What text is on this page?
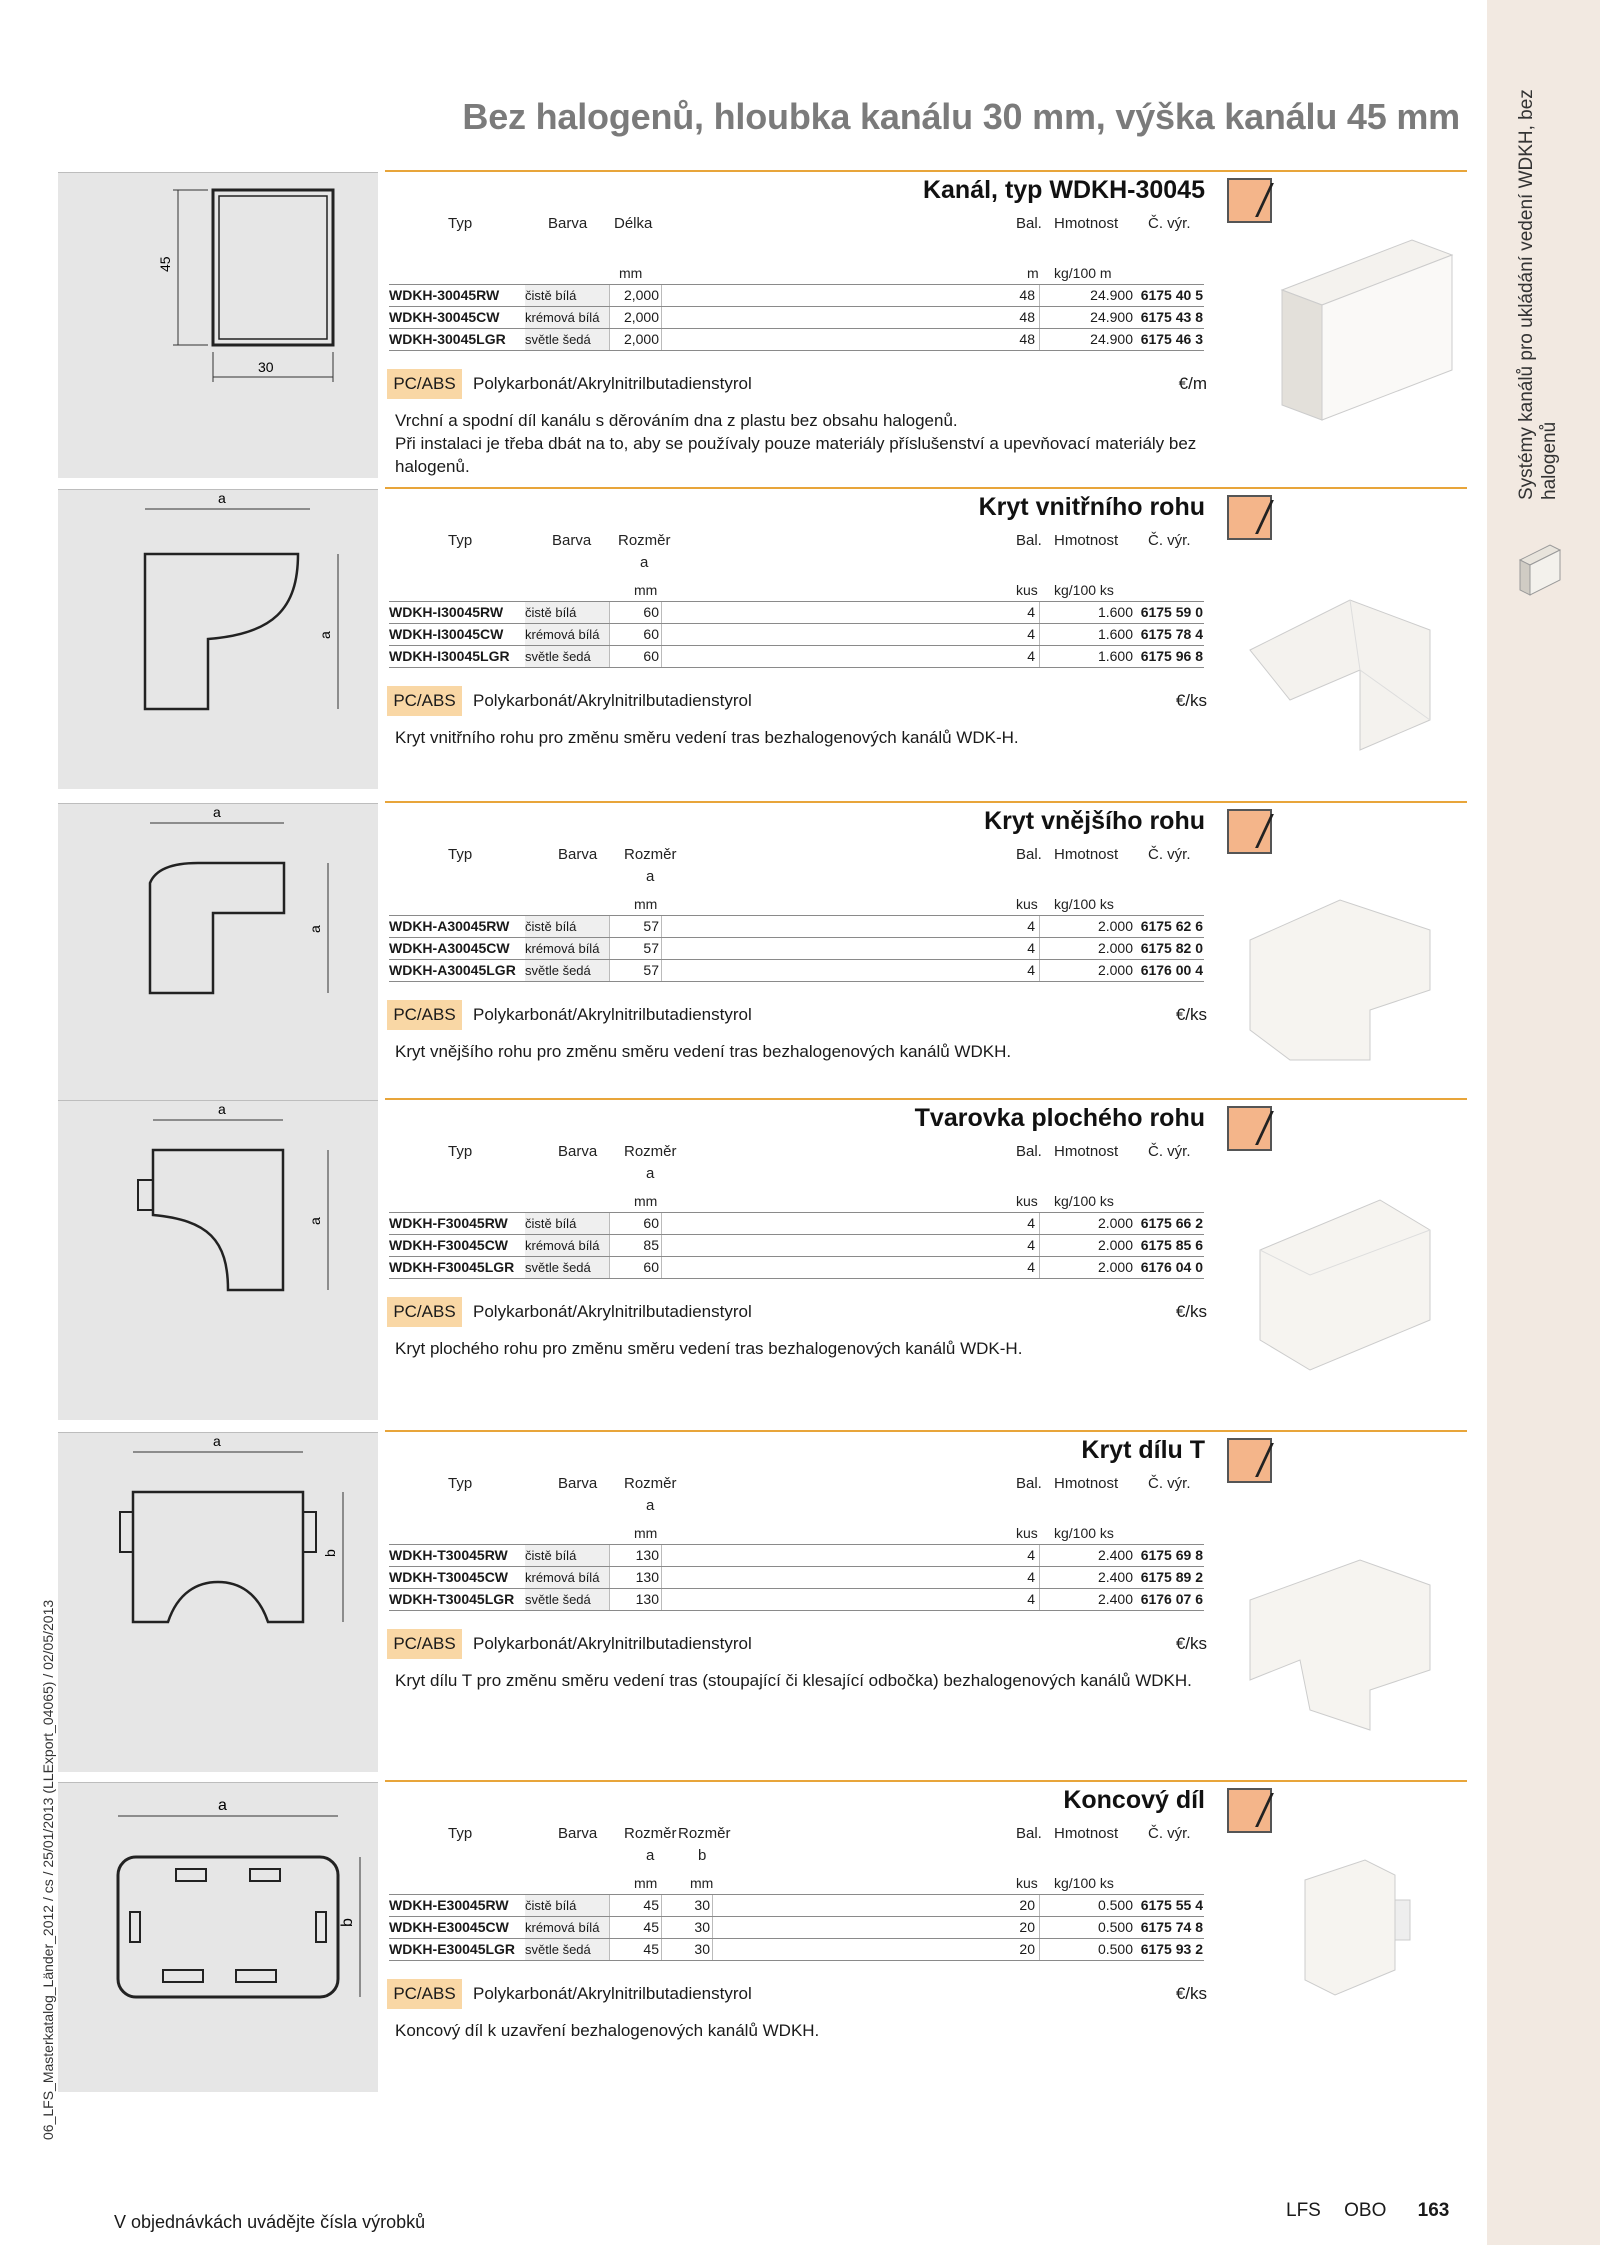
Systémy kanálů pro ukládání vedení WDKH, bez halogenů
06_LFS_Masterkatalog_Länder_2012 / cs / 25/01/2013 (LLExport_04065) / 02/05/2013
Bez halogenů, hloubka kanálu 30 mm, výška kanálu 45 mm
45
30
Kanál, typ WDKH-30045
Typ	Barva Délka	Bal. Hmotnost Č. výr.
mm	m kg/100 m
WDKH-30045RW	čistě bílá	2,000	48	24.900 6175 40 5
WDKH-30045CW	krémová bílá	2,000	48	24.900 6175 43 8
WDKH-30045LGR	světle šedá	2,000	48	24.900 6175 46 3
PC/ABS	Polykarbonát/Akrylnitrilbutadienstyrol	€/m
Vrchní a spodní díl kanálu s děrováním dna z plastu bez obsahu halogenů.
Při instalaci je třeba dbát na to, aby se používaly pouze materiály příslušenství a upevňovací materiály bez halogenů.
a
a
Kryt vnitřního rohu
Typ	Barva Rozměr
a
Bal. Hmotnost Č. výr.
mm	kus kg/100 ks
WDKH-I30045RW	čistě bílá	60	4	1.600 6175 59 0
WDKH-I30045CW	krémová bílá	60	4	1.600 6175 78 4
WDKH-I30045LGR	světle šedá	60	4	1.600 6175 96 8
PC/ABS	Polykarbonát/Akrylnitrilbutadienstyrol	€/ks
Kryt vnitřního rohu pro změnu směru vedení tras bezhalogenových kanálů WDK-H.
a
a
Kryt vnějšího rohu
Typ	Barva Rozměr
a
Bal. Hmotnost Č. výr.
mm	kus kg/100 ks
WDKH-A30045RW	čistě bílá	57	4	2.000 6175 62 6
WDKH-A30045CW	krémová bílá	57	4	2.000 6175 82 0
WDKH-A30045LGR světle šedá	57	4	2.000 6176 00 4
PC/ABS	Polykarbonát/Akrylnitrilbutadienstyrol	€/ks
Kryt vnějšího rohu pro změnu směru vedení tras bezhalogenových kanálů WDKH.
a
a
Tvarovka plochého rohu
Typ	Barva Rozměr
a
Bal. Hmotnost Č. výr.
mm	kus kg/100 ks
WDKH-F30045RW	čistě bílá	60	4	2.000 6175 66 2
WDKH-F30045CW	krémová bílá	85	4	2.000 6175 85 6
WDKH-F30045LGR světle šedá	60	4	2.000 6176 04 0
PC/ABS	Polykarbonát/Akrylnitrilbutadienstyrol	€/ks
Kryt plochého rohu pro změnu směru vedení tras bezhalogenových kanálů WDK-H.
a
b
Kryt dílu T
Typ	Barva Rozměr
a
Bal. Hmotnost Č. výr.
mm	kus kg/100 ks
WDKH-T30045RW	čistě bílá	130	4	2.400 6175 69 8
WDKH-T30045CW	krémová bílá	130	4	2.400 6175 89 2
WDKH-T30045LGR světle šedá	130	4	2.400 6176 07 6
PC/ABS	Polykarbonát/Akrylnitrilbutadienstyrol	€/ks
Kryt dílu T pro změnu směru vedení tras (stoupající či klesající odbočka) bezhalogenových kanálů WDKH.
a
b
Koncový díl
Typ	Barva Rozměr
a
Rozměr
b
Bal. Hmotnost Č. výr.
mm mm	kus kg/100 ks
WDKH-E30045RW	čistě bílá	45	30	20	0.500 6175 55 4
WDKH-E30045CW	krémová bílá	45	30	20	0.500 6175 74 8
WDKH-E30045LGR světle šedá	45	30	20	0.500 6175 93 2
PC/ABS	Polykarbonát/Akrylnitrilbutadienstyrol	€/ks
Koncový díl k uzavření bezhalogenových kanálů WDKH.
V objednávkách uvádějte čísla výrobků
LFS OBO 163
